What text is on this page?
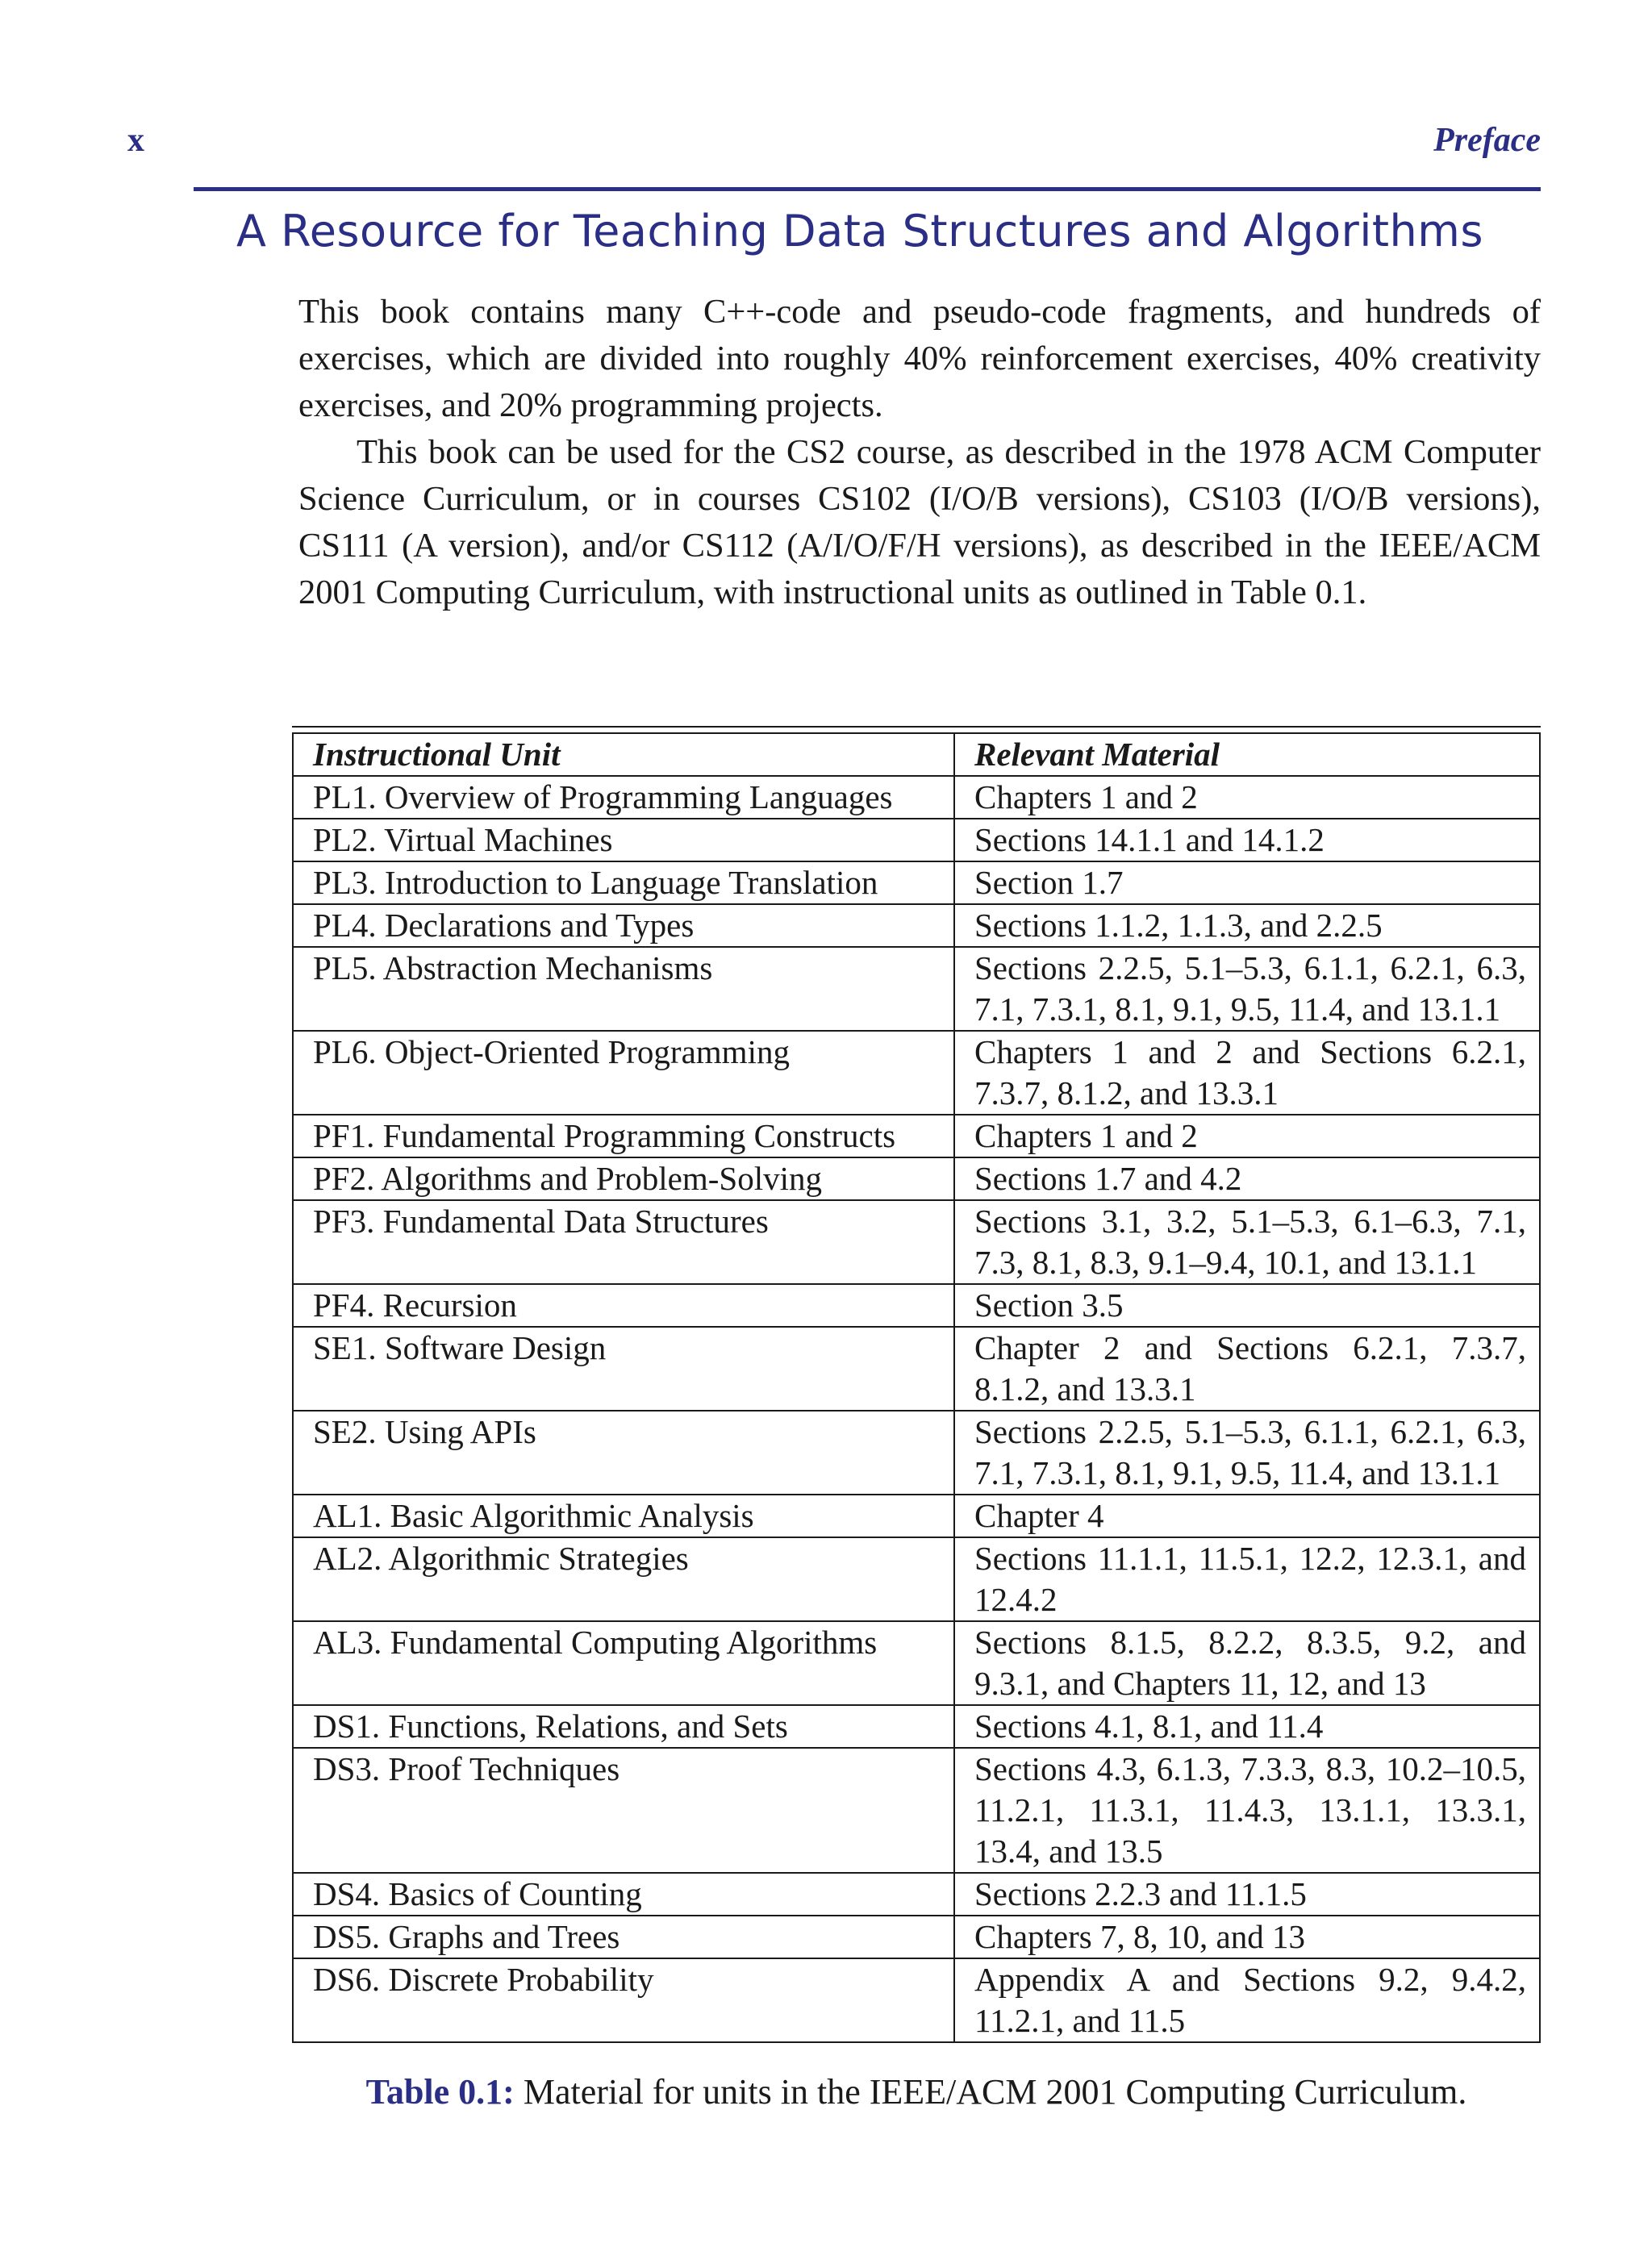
x	Preface
A Resource for Teaching Data Structures and Algorithms

This book contains many C++-code and pseudo-code fragments, and hundreds of exercises, which are divided into roughly 40% reinforcement exercises, 40% creativity exercises, and 20% programming projects.

This book can be used for the CS2 course, as described in the 1978 ACM Computer Science Curriculum, or in courses CS102 (I/O/B versions), CS103 (I/O/B versions), CS111 (A version), and/or CS112 (A/I/O/F/H versions), as described in the IEEE/ACM 2001 Computing Curriculum, with instructional units as outlined in Table 0.1.

Instructional Unit	Relevant Material
PL1. Overview of Programming Languages	Chapters 1 and 2
PL2. Virtual Machines	Sections 14.1.1 and 14.1.2
PL3. Introduction to Language Translation	Section 1.7
PL4. Declarations and Types	Sections 1.1.2, 1.1.3, and 2.2.5
PL5. Abstraction Mechanisms	Sections 2.2.5, 5.1–5.3, 6.1.1, 6.2.1, 6.3, 7.1, 7.3.1, 8.1, 9.1, 9.5, 11.4, and 13.1.1
PL6. Object-Oriented Programming	Chapters 1 and 2 and Sections 6.2.1, 7.3.7, 8.1.2, and 13.3.1
PF1. Fundamental Programming Constructs	Chapters 1 and 2
PF2. Algorithms and Problem-Solving	Sections 1.7 and 4.2
PF3. Fundamental Data Structures	Sections 3.1, 3.2, 5.1–5.3, 6.1–6.3, 7.1, 7.3, 8.1, 8.3, 9.1–9.4, 10.1, and 13.1.1
PF4. Recursion	Section 3.5
SE1. Software Design	Chapter 2 and Sections 6.2.1, 7.3.7, 8.1.2, and 13.3.1
SE2. Using APIs	Sections 2.2.5, 5.1–5.3, 6.1.1, 6.2.1, 6.3, 7.1, 7.3.1, 8.1, 9.1, 9.5, 11.4, and 13.1.1
AL1. Basic Algorithmic Analysis	Chapter 4
AL2. Algorithmic Strategies	Sections 11.1.1, 11.5.1, 12.2, 12.3.1, and 12.4.2
AL3. Fundamental Computing Algorithms	Sections 8.1.5, 8.2.2, 8.3.5, 9.2, and 9.3.1, and Chapters 11, 12, and 13
DS1. Functions, Relations, and Sets	Sections 4.1, 8.1, and 11.4
DS3. Proof Techniques	Sections 4.3, 6.1.3, 7.3.3, 8.3, 10.2–10.5, 11.2.1, 11.3.1, 11.4.3, 13.1.1, 13.3.1, 13.4, and 13.5
DS4. Basics of Counting	Sections 2.2.3 and 11.1.5
DS5. Graphs and Trees	Chapters 7, 8, 10, and 13
DS6. Discrete Probability	Appendix A and Sections 9.2, 9.4.2, 11.2.1, and 11.5
Table 0.1: Material for units in the IEEE/ACM 2001 Computing Curriculum.
